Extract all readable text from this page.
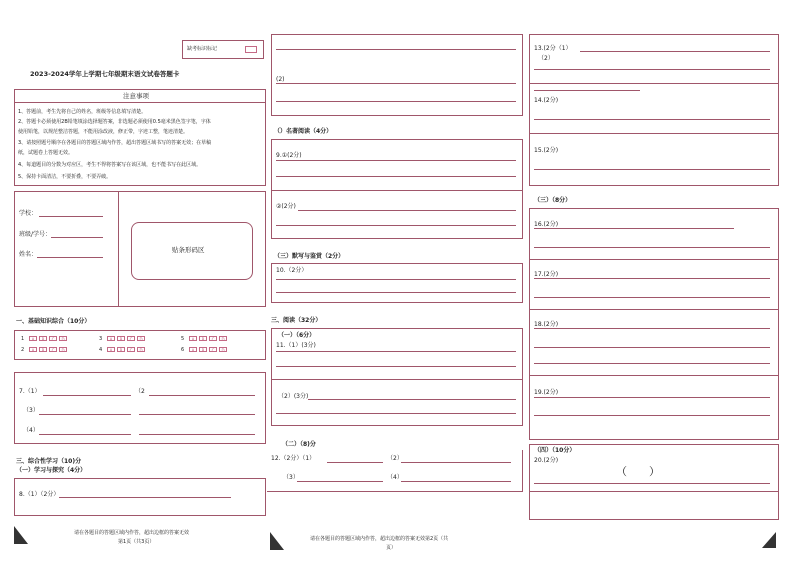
缺考标识标记
2023-2024学年上学期七年级期末语文试卷答题卡
注意事项
1、答题前，考生先将自己的姓名，班级等信息填写清楚。
2、答题卡必须使用2B铅笔填涂选择题答案，非选题必须使用0.5毫米黑色签字笔，字体
使用铅笔，以规范整洁答题，不能用涂改液，修正带，字迹工整，笔迹清楚。
3、请按照题号顺序在各题目的答题区域内作答，超出答题区域书写的答案无效；在草稿
纸，试题卷上答题无效。
4、每道题目的分数为对应区，考生不得将答案写在该区域，也不能书写在此区域。
5、保持卡面清洁，不要折叠，不要弄破。
学校：
班级/学号：
姓名：
贴条形码区
一、基础知识综合（10分）
1	A	B	C	D	3	A	B	C	D	5	A	B	C	D
2	A	B	C	D	4	A	B	C	D	6	A	B	C	D
7.（1）	（2
（3）
（4）
三、综合性学习（10)分
（一）学习与探究（4分）
8.（1）（2分）
请在各题目的答题区域内作答，超出边框的答案无效
第1页（共3页）
(2)
（）名著阅读（4分）
9.①(2分)
②(2分)
（三）默写与鉴赏（2分）
10.（2分）
三、阅读（32分）
（一）（6分）
11.（1）(3分)
（2）(3分)
（二）（8)分
12.（2分）（1）	（2）
（3）	（4）
请在各题目的答题区域内作答，超出边框的答案无效第2页（共
页）
13.(2分（1）
（2）
14.(2分)
15.(2分)
（三）（8分）
16.(2分)
17.(2分)
18.(2分)
19.(2分)
（四）（10分）
20.(2分)
（　　）
